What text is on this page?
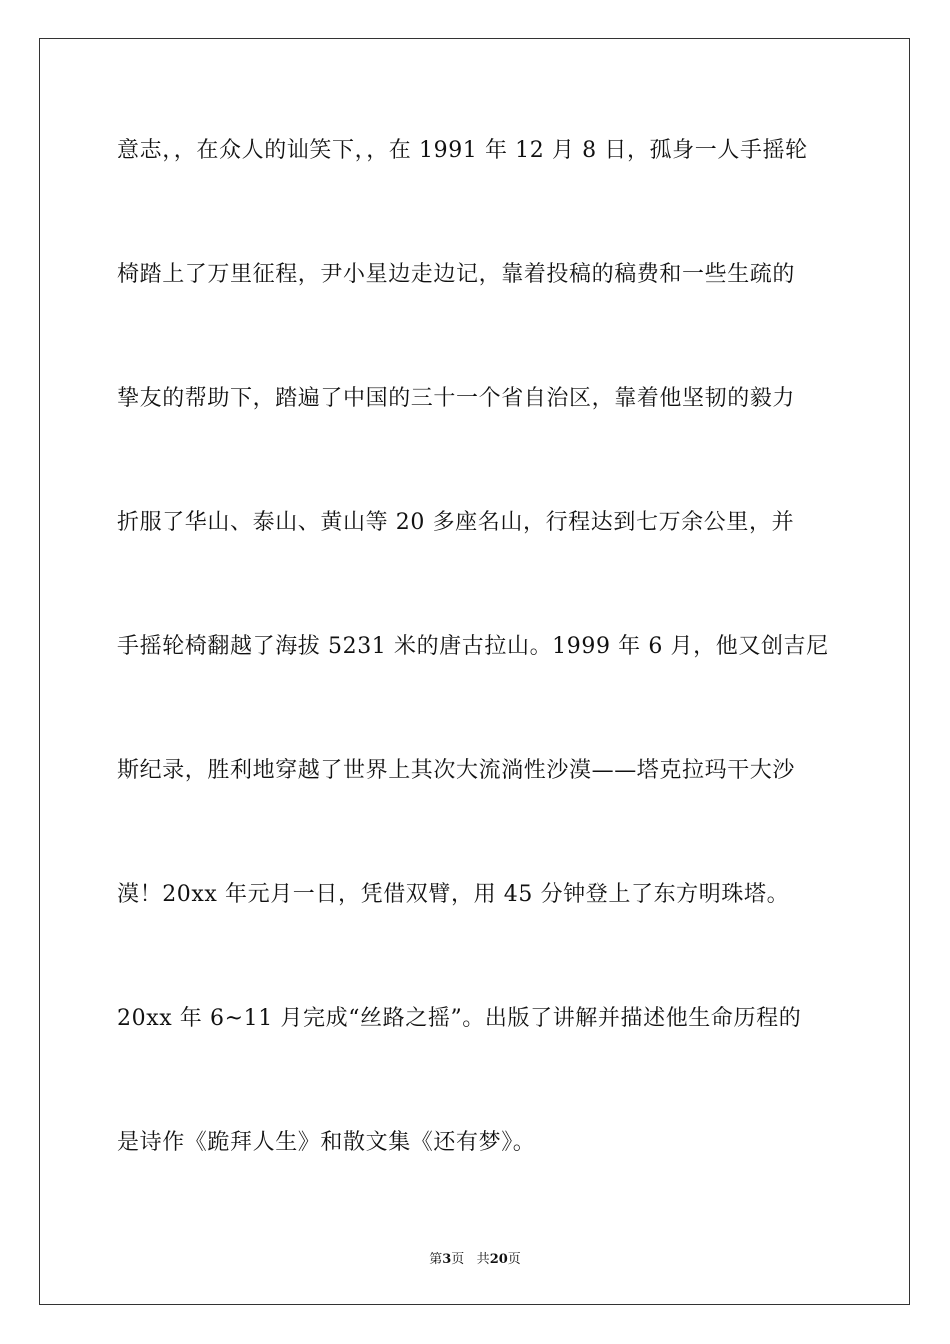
意志，，在众人的讪笑下，，在 1991 年 12 月 8 日，孤身一人手摇轮
椅踏上了万里征程，尹小星边走边记，靠着投稿的稿费和一些生疏的
挚友的帮助下，踏遍了中国的三十一个省自治区，靠着他坚韧的毅力
折服了华山、泰山、黄山等 20 多座名山，行程达到七万余公里，并
手摇轮椅翻越了海拔 5231 米的唐古拉山。1999 年 6 月，他又创吉尼
斯纪录，胜利地穿越了世界上其次大流淌性沙漠——塔克拉玛干大沙
漠！20xx 年元月一日，凭借双臂，用 45 分钟登上了东方明珠塔。
20xx 年 6~11 月完成“丝路之摇”。出版了讲解并描述他生命历程的
是诗作《跪拜人生》和散文集《还有梦》。
第3页 共20页
